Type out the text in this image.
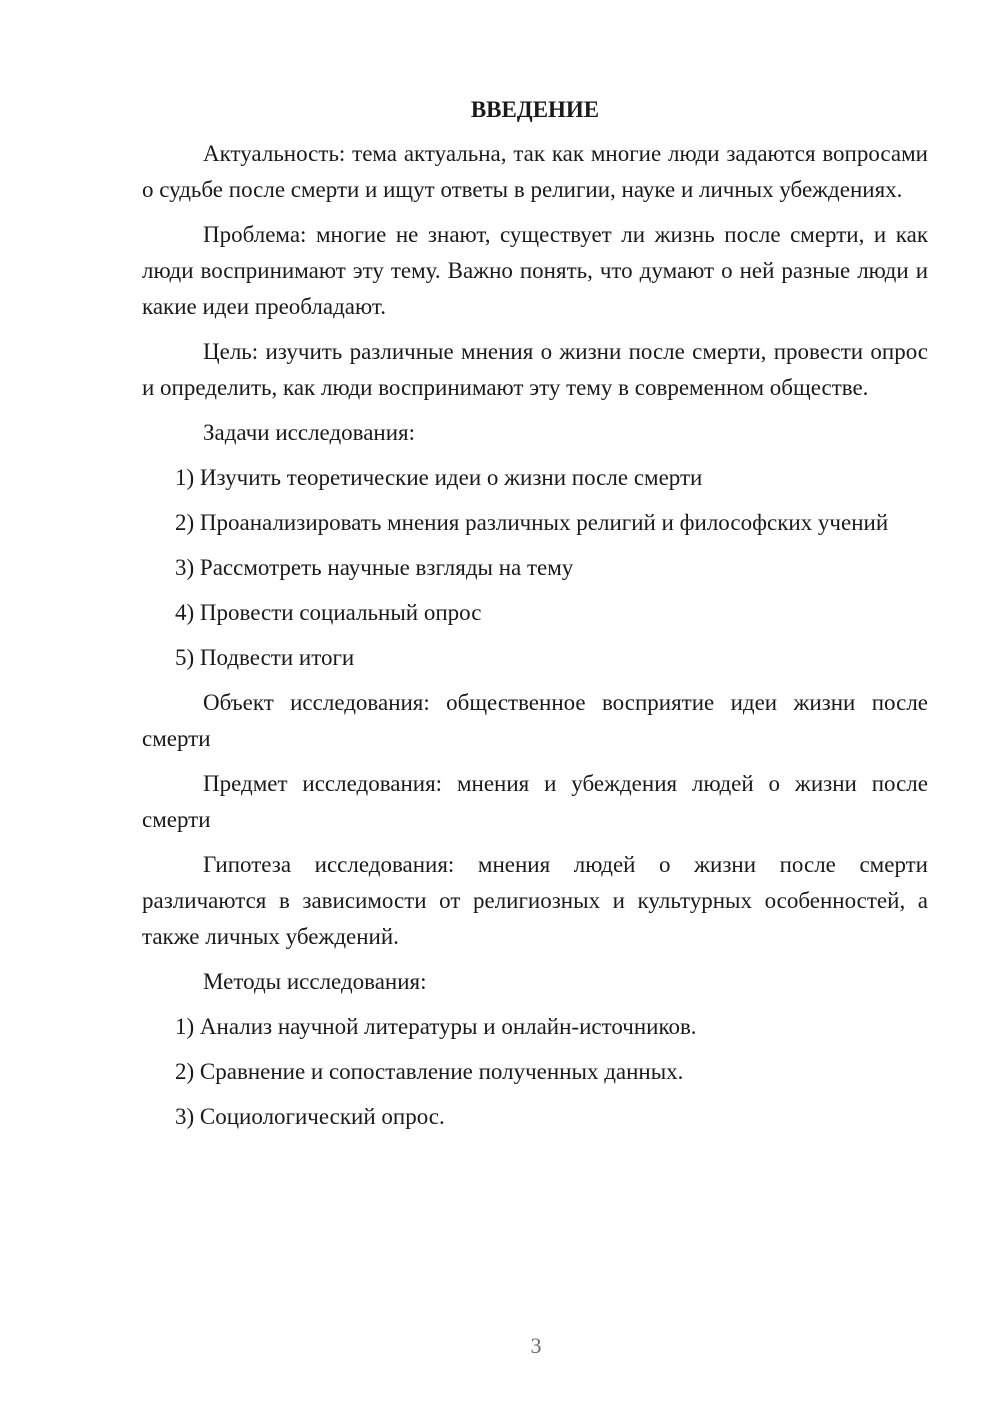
ВВЕДЕНИЕ

Актуальность: тема актуальна, так как многие люди задаются вопросами о судьбе после смерти и ищут ответы в религии, науке и личных убеждениях.

Проблема: многие не знают, существует ли жизнь после смерти, и как люди воспринимают эту тему. Важно понять, что думают о ней разные люди и какие идеи преобладают.

Цель: изучить различные мнения о жизни после смерти, провести опрос и определить, как люди воспринимают эту тему в современном обществе.

Задачи исследования:

1) Изучить теоретические идеи о жизни после смерти

2) Проанализировать мнения различных религий и философских учений

3) Рассмотреть научные взгляды на тему

4) Провести социальный опрос

5) Подвести итоги

Объект исследования: общественное восприятие идеи жизни после смерти

Предмет исследования: мнения и убеждения людей о жизни после смерти

Гипотеза исследования: мнения людей о жизни после смерти различаются в зависимости от религиозных и культурных особенностей, а также личных убеждений.

Методы исследования:

1) Анализ научной литературы и онлайн-источников.

2) Сравнение и сопоставление полученных данных.

3) Социологический опрос.

3
